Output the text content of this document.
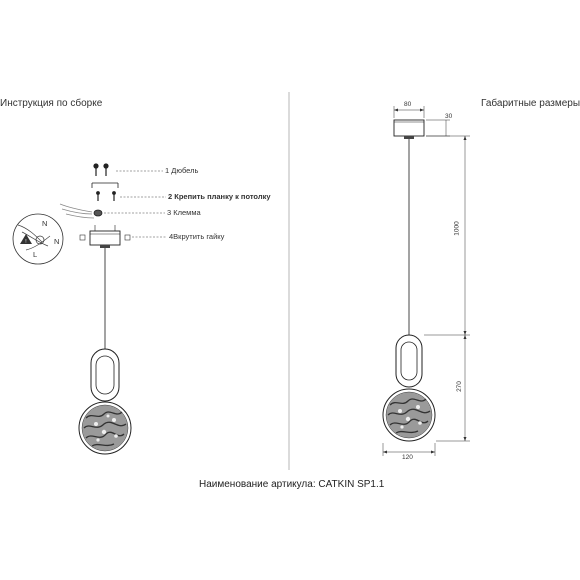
!
Инструкция по сборке
1 Дюбель
2 Крепить планку к потолку
3 Клемма
4Вкрутить гайку
N
L
N
Габаритные размеры
80
30
1000
270
120
Наименование артикула: CATKIN SP1.1
